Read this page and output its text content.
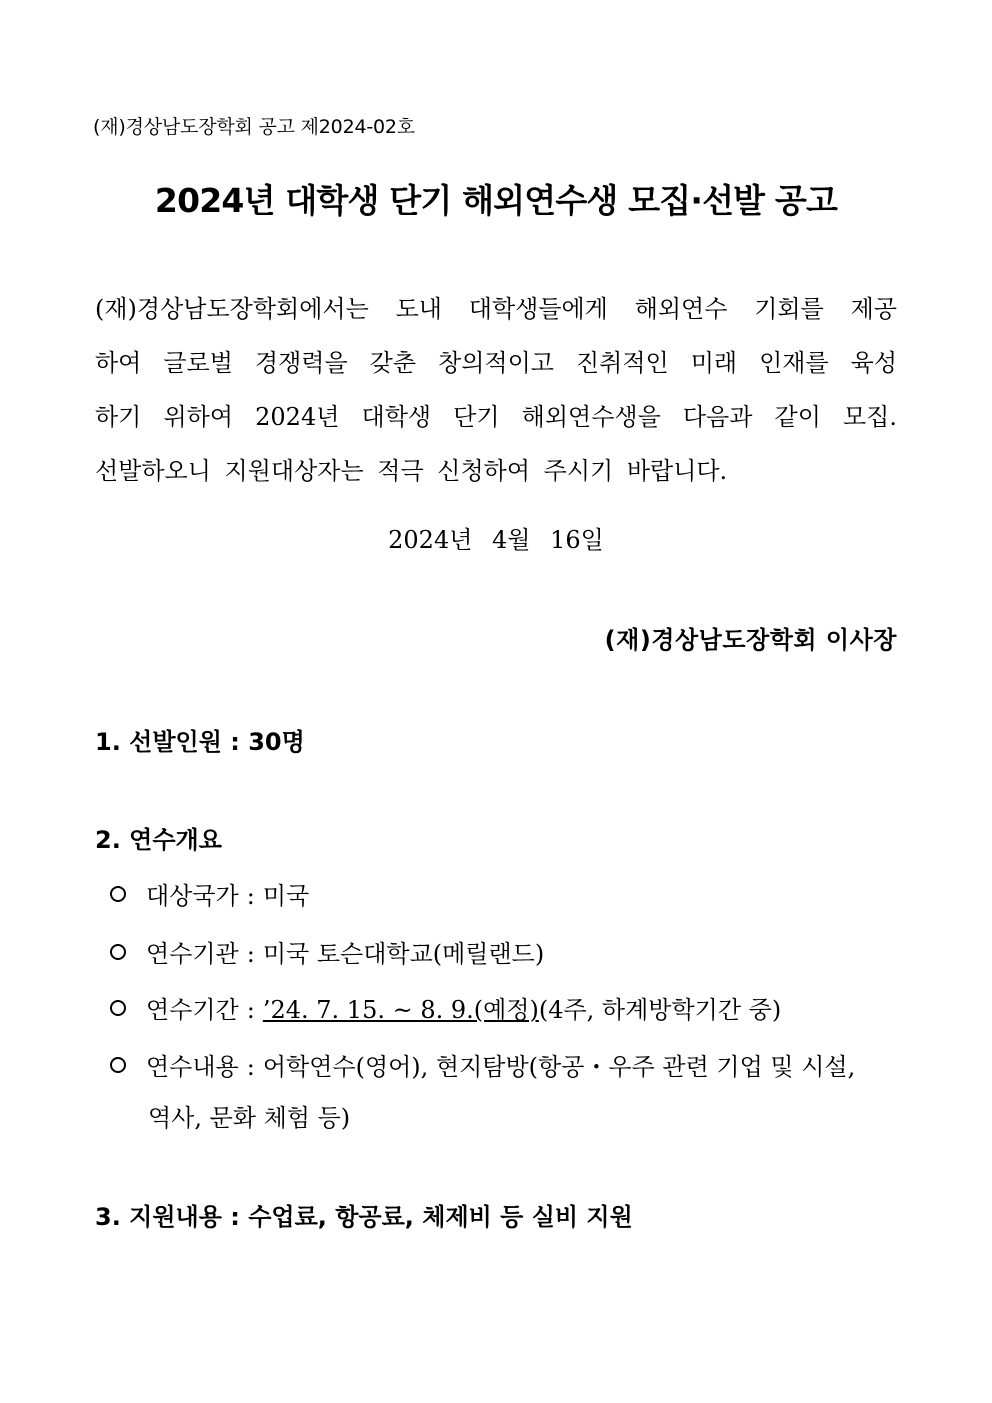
(재)경상남도장학회 공고 제2024-02호
2024년 대학생 단기 해외연수생 모집·선발 공고
(재)경상남도장학회에서는 도내 대학생들에게 해외연수 기회를 제공
하여 글로벌 경쟁력을 갖춘 창의적이고 진취적인 미래 인재를 육성
하기 위하여 2024년 대학생 단기 해외연수생을 다음과 같이 모집.
선발하오니 지원대상자는 적극 신청하여 주시기 바랍니다.
2024년 4월 16일
(재)경상남도장학회 이사장
1. 선발인원 : 30명
2. 연수개요
대상국가 : 미국
연수기관 : 미국 토슨대학교(메릴랜드)
연수기간 : ’24. 7. 15. ~ 8. 9.(예정)(4주, 하계방학기간 중)
연수내용 : 어학연수(영어), 현지탐방(항공・우주 관련 기업 및 시설,
역사, 문화 체험 등)
3. 지원내용 : 수업료, 항공료, 체제비 등 실비 지원
